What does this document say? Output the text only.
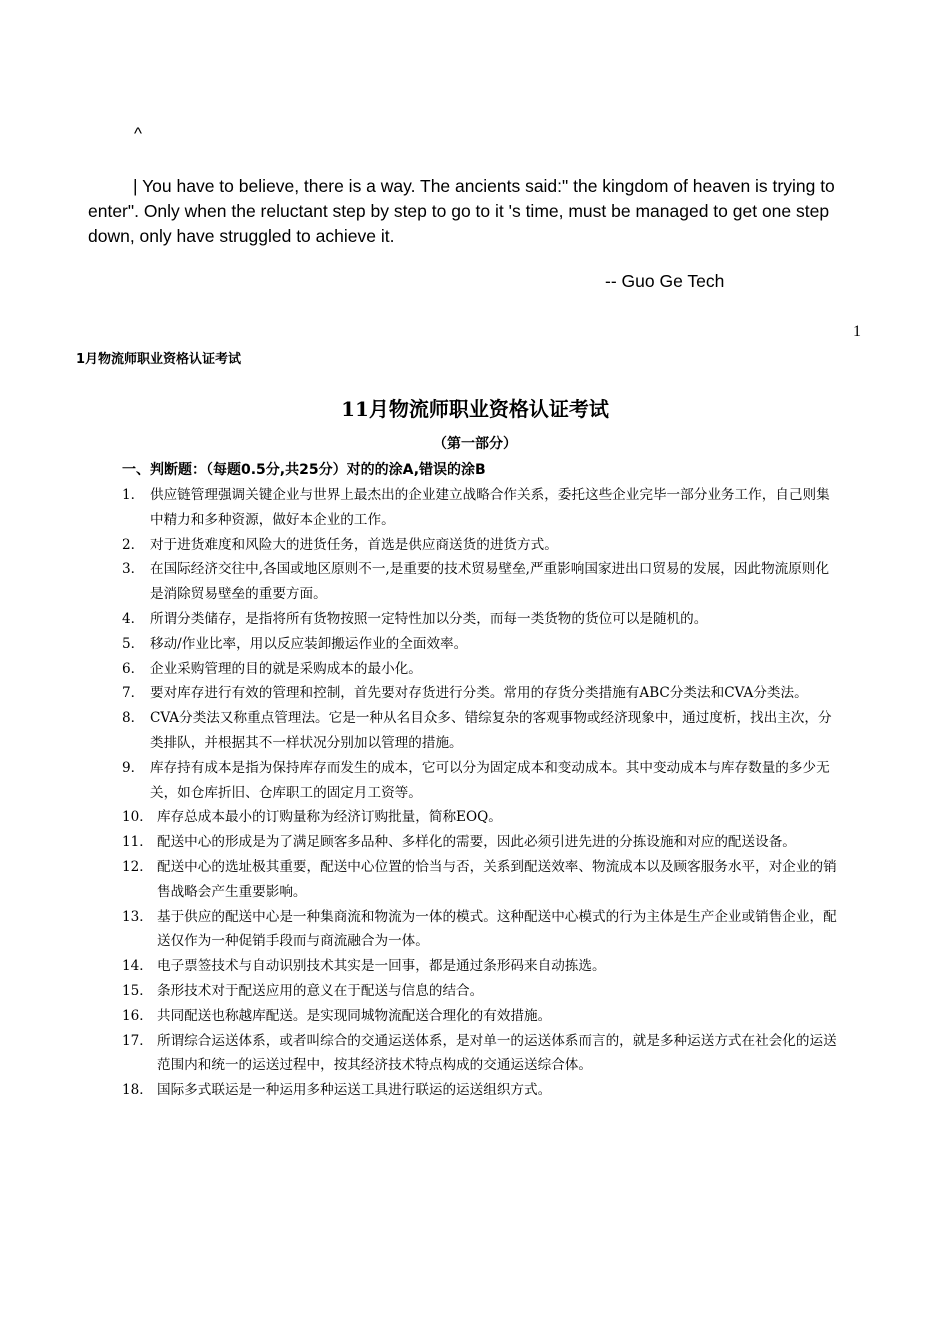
^
| You have to believe, there is a way. The ancients said:" the kingdom of heaven is trying to enter". Only when the reluctant step by step to go to it 's time, must be managed to get one step down, only have struggled to achieve it.
-- Guo Ge Tech
1
1月物流师职业资格认证考试
11月物流师职业资格认证考试
（第一部分）
一、判断题：（每题0.5分,共25分）对的的涂A,错误的涂B
1． 供应链管理强调关键企业与世界上最杰出的企业建立战略合作关系，委托这些企业完毕一部分业务工作，自己则集中精力和多种资源，做好本企业的工作。
2． 对于进货难度和风险大的进货任务，首选是供应商送货的进货方式。
3． 在国际经济交往中,各国或地区原则不一,是重要的技术贸易壁垒,严重影响国家进出口贸易的发展，因此物流原则化是消除贸易壁垒的重要方面。
4． 所谓分类储存，是指将所有货物按照一定特性加以分类，而每一类货物的货位可以是随机的。
5． 移动/作业比率，用以反应装卸搬运作业的全面效率。
6． 企业采购管理的目的就是采购成本的最小化。
7． 要对库存进行有效的管理和控制，首先要对存货进行分类。常用的存货分类措施有ABC分类法和CVA分类法。
8． CVA分类法又称重点管理法。它是一种从名目众多、错综复杂的客观事物或经济现象中，通过度析，找出主次，分类排队，并根据其不一样状况分别加以管理的措施。
9． 库存持有成本是指为保持库存而发生的成本，它可以分为固定成本和变动成本。其中变动成本与库存数量的多少无关，如仓库折旧、仓库职工的固定月工资等。
10． 库存总成本最小的订购量称为经济订购批量，简称EOQ。
11． 配送中心的形成是为了满足顾客多品种、多样化的需要，因此必须引进先进的分拣设施和对应的配送设备。
12． 配送中心的选址极其重要，配送中心位置的恰当与否，关系到配送效率、物流成本以及顾客服务水平，对企业的销售战略会产生重要影响。
13． 基于供应的配送中心是一种集商流和物流为一体的模式。这种配送中心模式的行为主体是生产企业或销售企业，配送仅作为一种促销手段而与商流融合为一体。
14． 电子票签技术与自动识别技术其实是一回事，都是通过条形码来自动拣选。
15． 条形技术对于配送应用的意义在于配送与信息的结合。
16． 共同配送也称越库配送。是实现同城物流配送合理化的有效措施。
17． 所谓综合运送体系，或者叫综合的交通运送体系，是对单一的运送体系而言的，就是多种运送方式在社会化的运送范围内和统一的运送过程中，按其经济技术特点构成的交通运送综合体。
18． 国际多式联运是一种运用多种运送工具进行联运的运送组织方式。
